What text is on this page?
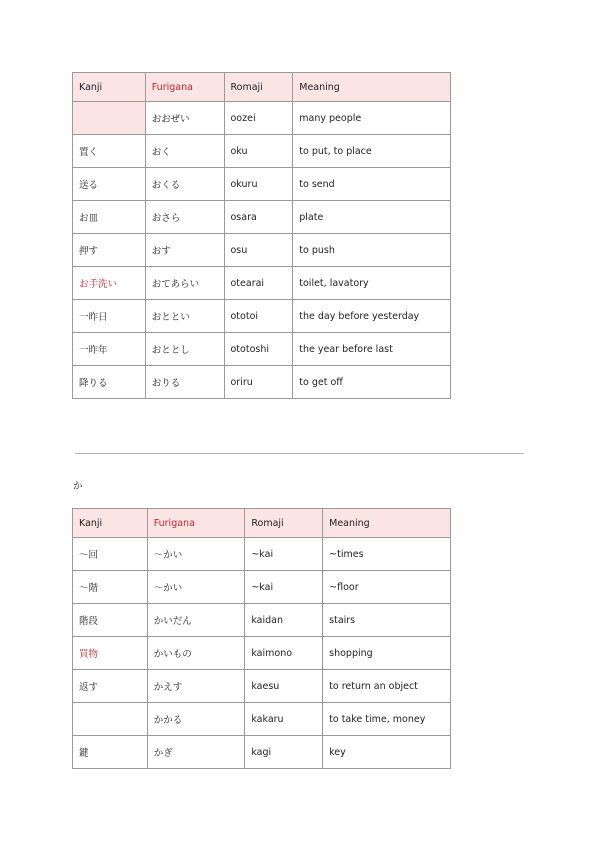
Kanji	Furigana	Romaji	Meaning
	おおぜい	oozei	many people
置く	おく	oku	to put, to place
送る	おくる	okuru	to send
お皿	おさら	osara	plate
押す	おす	osu	to push
お手洗い	おてあらい	otearai	toilet, lavatory
一昨日	おととい	ototoi	the day before yesterday
一昨年	おととし	ototoshi	the year before last
降りる	おりる	oriru	to get off
か
Kanji	Furigana	Romaji	Meaning
～回	～かい	~kai	~times
～階	～かい	~kai	~floor
階段	かいだん	kaidan	stairs
買物	かいもの	kaimono	shopping
返す	かえす	kaesu	to return an object
	かかる	kakaru	to take time, money
鍵	かぎ	kagi	key
